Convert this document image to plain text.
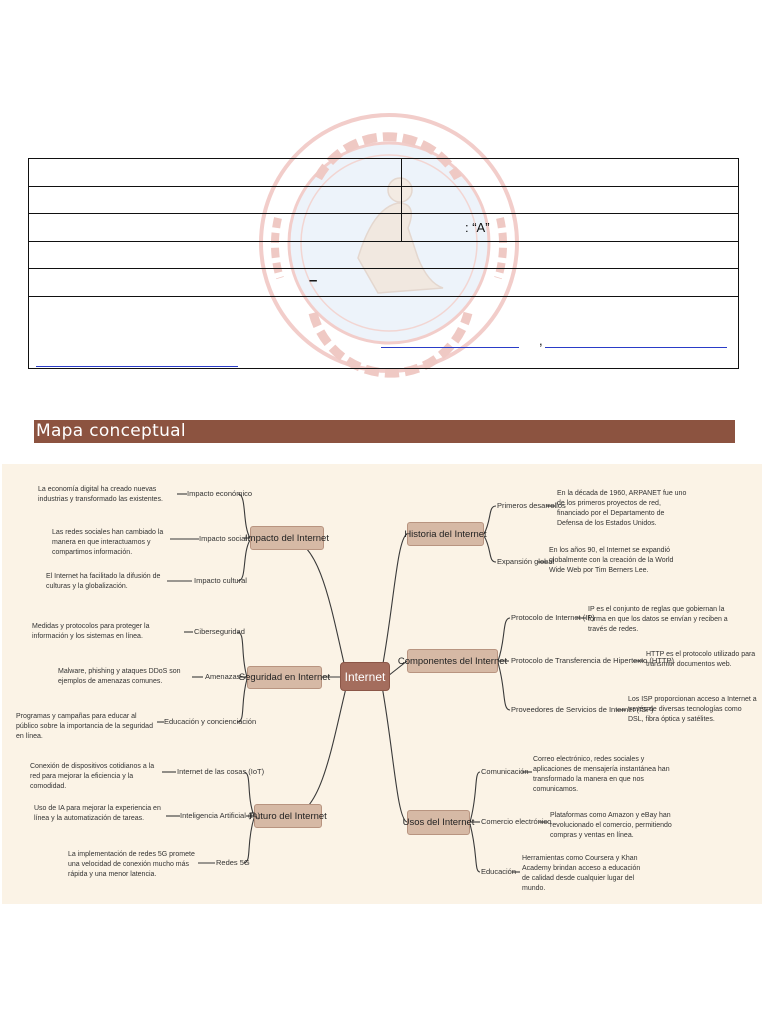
: “A”
–
,
Mapa conceptual
Internet
Impacto del Internet
Seguridad en Internet
Futuro del Internet
Historia del Internet
Componentes del Internet
Usos del Internet
Impacto económico
Impacto social
Impacto cultural
La economía digital ha creado nuevas industrias y transformado las existentes.
Las redes sociales han cambiado la manera en que interactuamos y compartimos información.
El Internet ha facilitado la difusión de culturas y la globalización.
Ciberseguridad
Amenazas
Educación y concienciación
Medidas y protocolos para proteger la información y los sistemas en línea.
Malware, phishing y ataques DDoS son ejemplos de amenazas comunes.
Programas y campañas para educar al público sobre la importancia de la seguridad en línea.
Internet de las cosas (IoT)
Inteligencia Artificial (IA)
Redes 5G
Conexión de dispositivos cotidianos a la red para mejorar la eficiencia y la comodidad.
Uso de IA para mejorar la experiencia en línea y la automatización de tareas.
La implementación de redes 5G promete una velocidad de conexión mucho más rápida y una menor latencia.
Primeros desarrollos
Expansión global
En la década de 1960, ARPANET fue uno de los primeros proyectos de red, financiado por el Departamento de Defensa de los Estados Unidos.
En los años 90, el Internet se expandió globalmente con la creación de la World Wide Web por Tim Berners Lee.
Protocolo de Internet (IP)
Protocolo de Transferencia de Hipertexto (HTTP)
Proveedores de Servicios de Internet (ISP)
IP es el conjunto de reglas que gobiernan la forma en que los datos se envían y reciben a través de redes.
HTTP es el protocolo utilizado para transmitir documentos web.
Los ISP proporcionan acceso a Internet a través de diversas tecnologías como DSL, fibra óptica y satélites.
Comunicación
Comercio electrónico
Educación
Correo electrónico, redes sociales y aplicaciones de mensajería instantánea han transformado la manera en que nos comunicamos.
Plataformas como Amazon y eBay han revolucionado el comercio, permitiendo compras y ventas en línea.
Herramientas como Coursera y Khan Academy brindan acceso a educación de calidad desde cualquier lugar del mundo.
